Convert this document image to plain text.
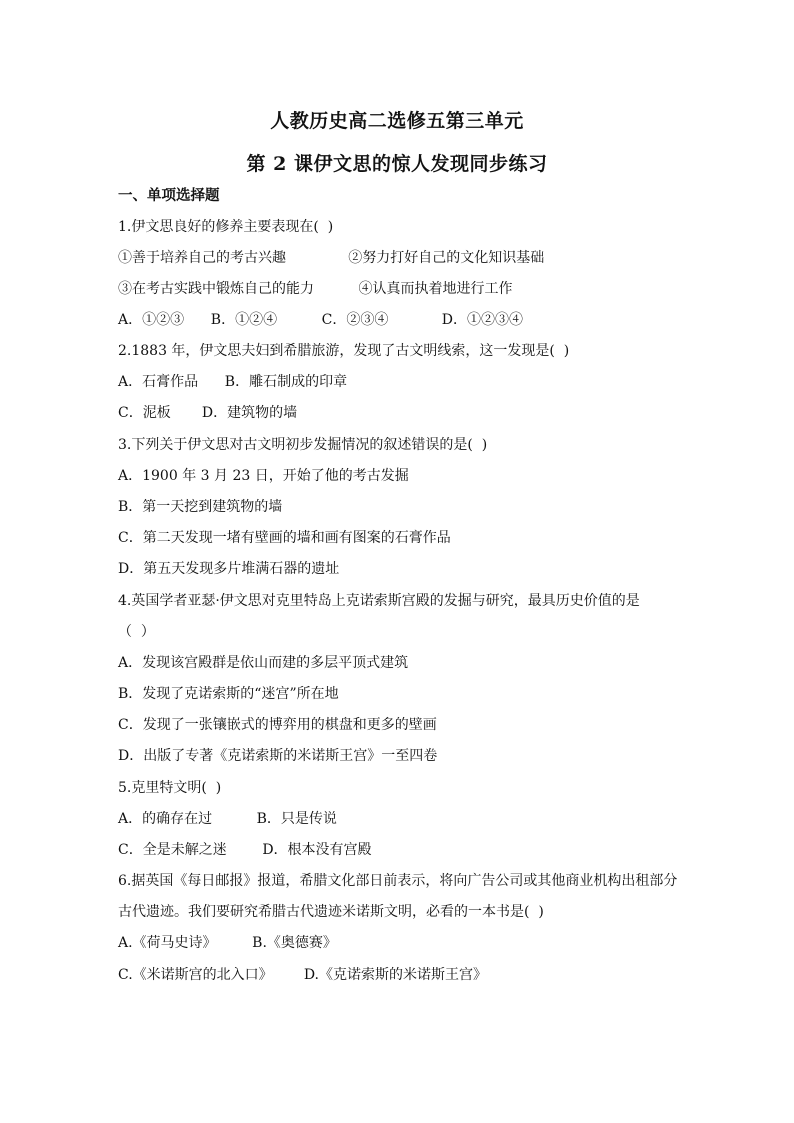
人教历史高二选修五第三单元
第 2 课伊文思的惊人发现同步练习
一、单项选择题
1.伊文思良好的修养主要表现在(  )
①善于培养自己的考古兴趣              ②努力打好自己的文化知识基础
③在考古实践中锻炼自己的能力          ④认真而执着地进行工作
A．①②③      B．①②④          C．②③④            D．①②③④
2.1883 年，伊文思夫妇到希腊旅游，发现了古文明线索，这一发现是(  )
A．石膏作品      B．雕石制成的印章
C．泥板       D．建筑物的墙
3.下列关于伊文思对古文明初步发掘情况的叙述错误的是(  )
A．1900 年 3 月 23 日，开始了他的考古发掘
B．第一天挖到建筑物的墙
C．第二天发现一堵有壁画的墙和画有图案的石膏作品
D．第五天发现多片堆满石器的遗址
4.英国学者亚瑟·伊文思对克里特岛上克诺索斯宫殿的发掘与研究，最具历史价值的是
（  ）
A．发现该宫殿群是依山而建的多层平顶式建筑
B．发现了克诺索斯的“迷宫”所在地
C．发现了一张镶嵌式的博弈用的棋盘和更多的壁画
D．出版了专著《克诺索斯的米诺斯王宫》一至四卷
5.克里特文明(  )
A．的确存在过          B．只是传说
C．全是未解之迷        D．根本没有宫殿
6.据英国《每日邮报》报道，希腊文化部日前表示，将向广告公司或其他商业机构出租部分
古代遗迹。我们要研究希腊古代遗迹米诺斯文明，必看的一本书是(  )
A.《荷马史诗》        B.《奥德赛》
C.《米诺斯宫的北入口》       D.《克诺索斯的米诺斯王宫》
